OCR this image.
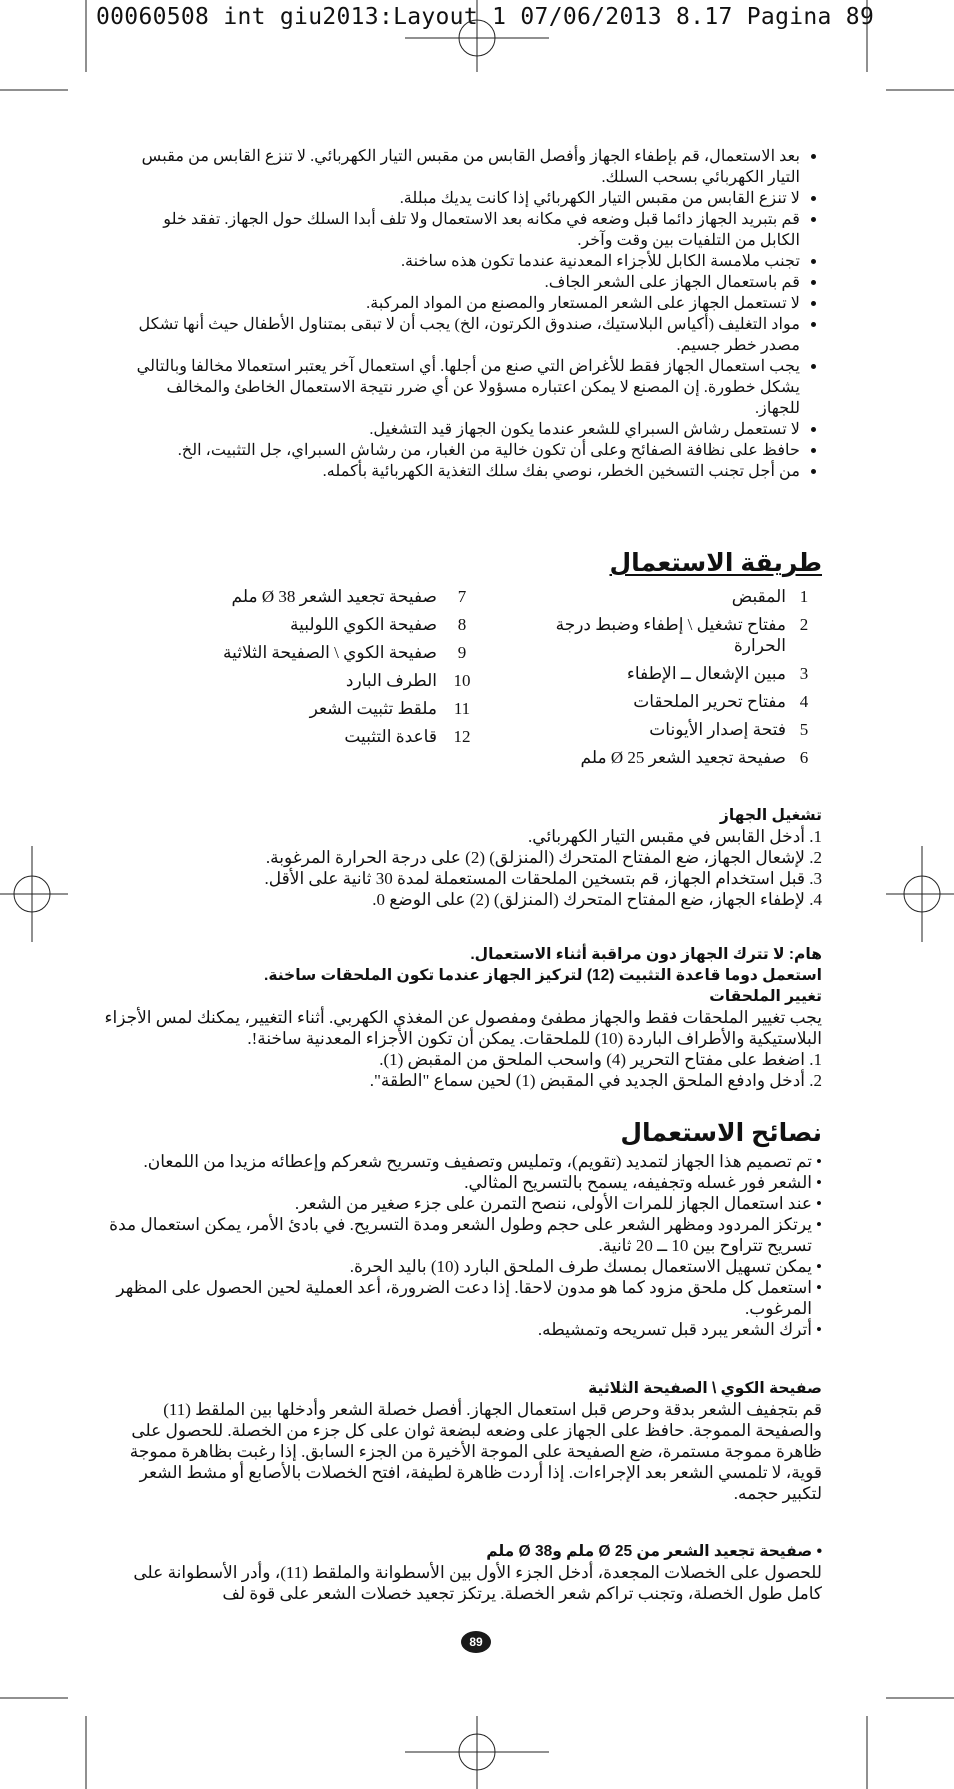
00060508 int giu2013:Layout 1 07/06/2013 8.17 Pagina 89
• بعد الاستعمال، قم بإطفاء الجهاز وأفصل القابس من مقبس التيار الكهربائي. لا تنزع القابس من مقبس التيار الكهربائي بسحب السلك.
• لا تنزع القابس من مقبس التيار الكهربائي إذا كانت يديك مبللة.
• قم بتبريد الجهاز دائما قبل وضعه في مكانه بعد الاستعمال ولا تلف أبدا السلك حول الجهاز. تفقد خلو الكابل من التلفيات بين وقت وآخر.
• تجنب ملامسة الكابل للأجزاء المعدنية عندما تكون هذه ساخنة.
• قم باستعمال الجهاز على الشعر الجاف.
• لا تستعمل الجهاز على الشعر المستعار والمصنع من المواد المركبة.
• مواد التغليف (أكياس البلاستيك، صندوق الكرتون، الخ) يجب أن لا تبقى بمتناول الأطفال حيث أنها تشكل مصدر خطر جسيم.
• يجب استعمال الجهاز فقط للأغراض التي صنع من أجلها. أي استعمال آخر يعتبر استعمالا مخالفا وبالتالي يشكل خطورة. إن المصنع لا يمكن اعتباره مسؤولا عن أي ضرر نتيجة الاستعمال الخاطئ والمخالف للجهاز.
• لا تستعمل رشاش السبراي للشعر عندما يكون الجهاز قيد التشغيل.
• حافظ على نظافة الصفائح وعلى أن تكون خالية من الغبار، من رشاش السبراي، جل التثبيت، الخ.
• من أجل تجنب التسخين الخطر، نوصي بفك سلك التغذية الكهربائية بأكمله.
طريقة الاستعمال
1
المقبض
2
مفتاح تشغيل \ إطفاء وضبط درجة الحرارة
3
مبين الإشعال ــ الإطفاء
4
مفتاح تحرير الملحقات
5
فتحة إصدار الأيونات
6
صفيحة تجعيد الشعر Ø 25 ملم
7
صفيحة تجعيد الشعر Ø 38 ملم
8
صفيحة الكوي اللولبية
9
صفيحة الكوي \ الصفيحة الثلاثية
10
الطرف البارد
11
ملقط تثبيت الشعر
12
قاعدة التثبيت
تشغيل الجهاز
1. أدخل القابس في مقبس التيار الكهربائي.
2. لإشعال الجهاز، ضع المفتاح المتحرك (المنزلق) (2) على درجة الحرارة المرغوبة.
3. قبل استخدام الجهاز، قم بتسخين الملحقات المستعملة لمدة 30 ثانية على الأقل.
4. لإطفاء الجهاز، ضع المفتاح المتحرك (المنزلق) (2) على الوضع 0.

هام: لا تترك الجهاز دون مراقبة أثناء الاستعمال.

استعمل دوما قاعدة التثبيت (12) لتركيز الجهاز عندما تكون الملحقات ساخنة.

تغيير الملحقات

يجب تغيير الملحقات فقط والجهاز مطفئ ومفصول عن المغذي الكهربي. أثناء التغيير، يمكنك لمس الأجزاء البلاستيكية والأطراف الباردة (10) للملحقات. يمكن أن تكون الأجزاء المعدنية ساخنة!.

1. اضغط على مفتاح التحرير (4) واسحب الملحق من المقبض (1).
2. أدخل وادفع الملحق الجديد في المقبض (1) لحين سماع "الطقة".
نصائح الاستعمال
• تم تصميم هذا الجهاز لتمديد (تقويم)، وتمليس وتصفيف وتسريح شعركم وإعطائه مزيدا من اللمعان.
• الشعر فور غسله وتجفيفه، يسمح بالتسريح المثالي.
• عند استعمال الجهاز للمرات الأولى، ننصح التمرن على جزء صغير من الشعر.
• يرتكز المردود ومظهر الشعر على حجم وطول الشعر ومدة التسريح. في بادئ الأمر، يمكن استعمال مدة تسريح تتراوح بين 10 ــ 20 ثانية.
• يمكن تسهيل الاستعمال بمسك طرف الملحق البارد (10) باليد الحرة.
• استعمل كل ملحق مزود كما هو مدون لاحقا. إذا دعت الضرورة، أعد العملية لحين الحصول على المظهر المرغوب.
• أترك الشعر يبرد قبل تسريحه وتمشيطه.
صفيحة الكوي \ الصفيحة الثلاثية

قم بتجفيف الشعر بدقة وحرص قبل استعمال الجهاز. أفصل خصلة الشعر وأدخلها بين الملقط (11) والصفيحة المموجة. حافظ على الجهاز على وضعه لبضعة ثوان على كل جزء من الخصلة. للحصول على ظاهرة مموجة مستمرة، ضع الصفيحة على الموجة الأخيرة من الجزء السابق. إذا رغبت بظاهرة مموجة قوية، لا تلمسي الشعر بعد الإجراءات. إذا أردت ظاهرة لطيفة، افتح الخصلات بالأصابع أو مشط الشعر لتكبير حجمه.

• صفيحة تجعيد الشعر من Ø 25 ملم وØ 38 ملم

للحصول على الخصلات المجعدة، أدخل الجزء الأول بين الأسطوانة والملقط (11)، وأدر الأسطوانة على كامل طول الخصلة، وتجنب تراكم شعر الخصلة. يرتكز تجعيد خصلات الشعر على قوة لف

89
